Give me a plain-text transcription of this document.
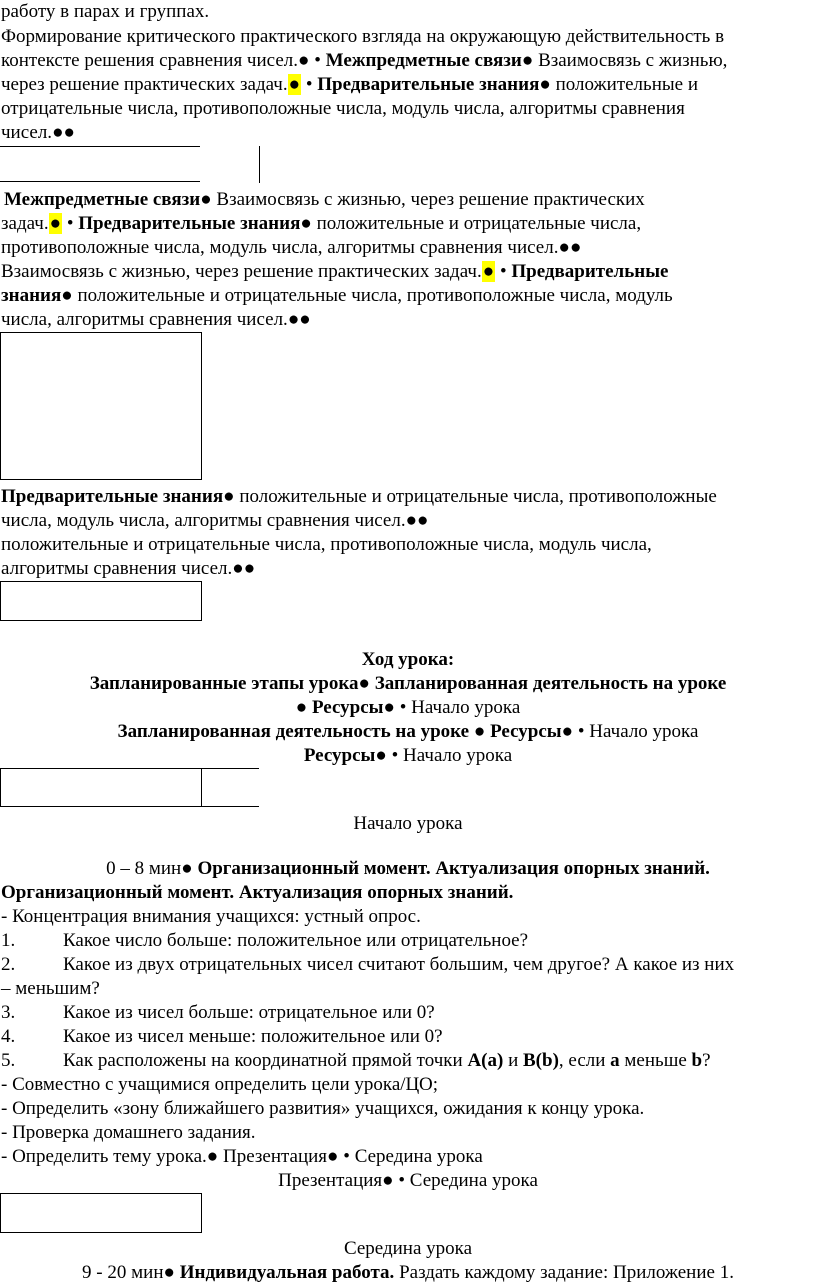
работу в парах и группах.
Формирование критического практического взгляда на окружающую действительность в
контексте решения сравнения чисел.● • Межпредметные связи● Взаимосвязь с жизнью,
через решение практических задач.● • Предварительные знания● положительные и
отрицательные числа, противоположные числа, модуль числа, алгоритмы сравнения
чисел.●●
Межпредметные связи● Взаимосвязь с жизнью, через решение практических
задач.● • Предварительные знания● положительные и отрицательные числа,
противоположные числа, модуль числа, алгоритмы сравнения чисел.●●
Взаимосвязь с жизнью, через решение практических задач.● • Предварительные
знания● положительные и отрицательные числа, противоположные числа, модуль
числа, алгоритмы сравнения чисел.●●
Предварительные знания● положительные и отрицательные числа, противоположные
числа, модуль числа, алгоритмы сравнения чисел.●●
положительные и отрицательные числа, противоположные числа, модуль числа,
алгоритмы сравнения чисел.●●
Ход урока:
Запланированные этапы урока● Запланированная деятельность на уроке
● Ресурсы● • Начало урока
Запланированная деятельность на уроке ● Ресурсы● • Начало урока
Ресурсы● • Начало урока
Начало урока
0 – 8 мин● Организационный момент. Актуализация опорных знаний.
Организационный момент. Актуализация опорных знаний.
- Концентрация внимания учащихся: устный опрос.
1.	Какое число больше: положительное или отрицательное?
2.	Какое из двух отрицательных чисел считают большим, чем другое? А какое из них
– меньшим?
3.	Какое из чисел больше: отрицательное или 0?
4.	Какое из чисел меньше: положительное или 0?
5.	Как расположены на координатной прямой точки A(a) и B(b), если a меньше b?
- Совместно с учащимися определить цели урока/ЦО;
- Определить «зону ближайшего развития» учащихся, ожидания к концу урока.
- Проверка домашнего задания.
- Определить тему урока.● Презентация● • Середина урока
Презентация● • Середина урока
Середина урока
9 - 20 мин● Индивидуальная работа. Раздать каждому задание: Приложение 1.
